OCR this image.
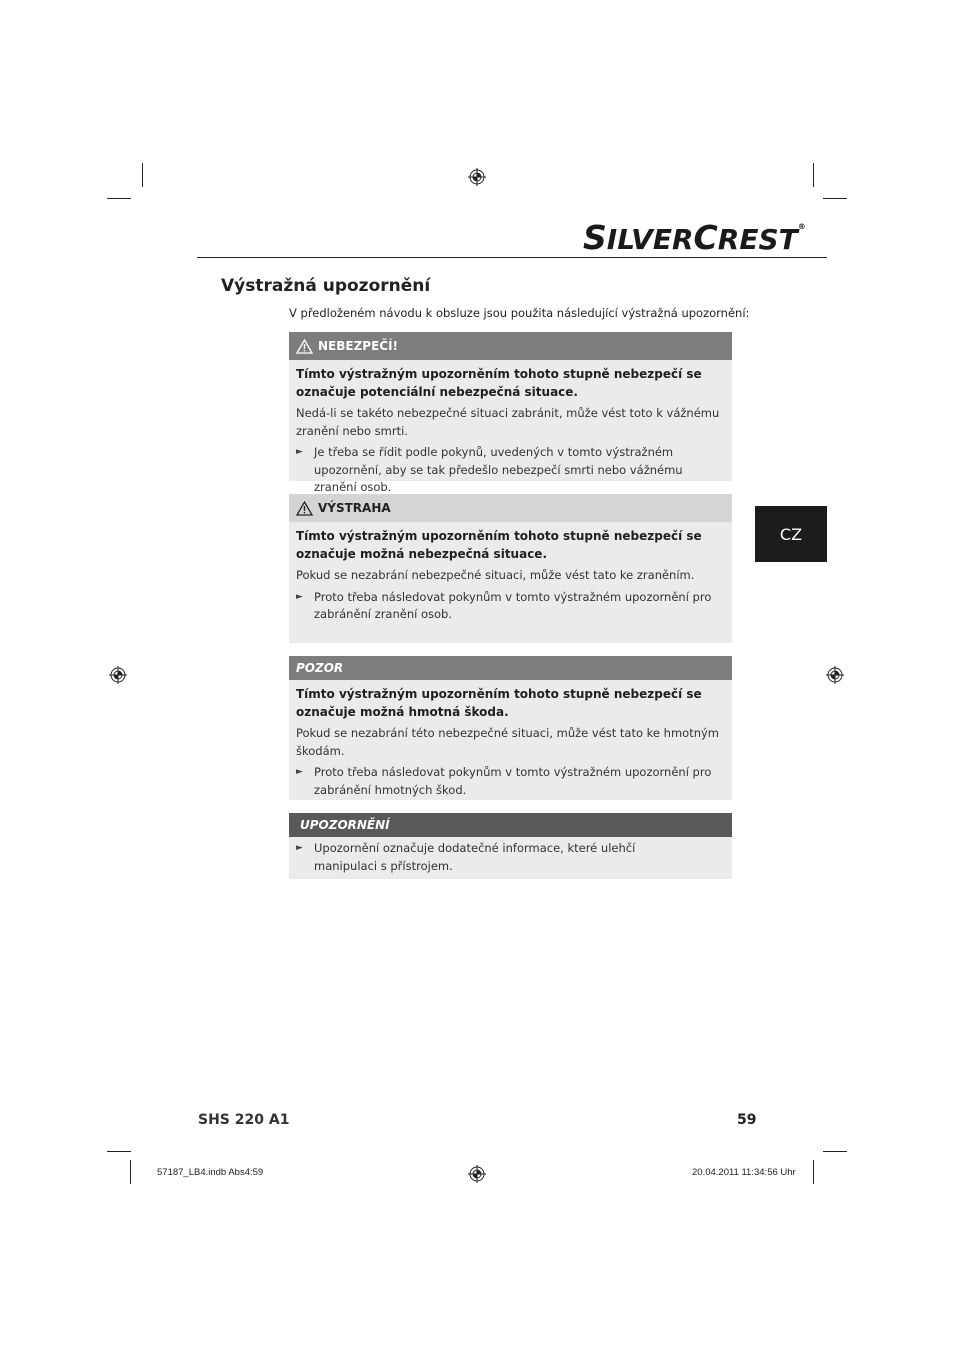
SILVERCREST®
Výstražná upozornění
V předloženém návodu k obsluze jsou použita následující výstražná upozornění:
NEBEZPEČÍ!
Tímto výstražným upozorněním tohoto stupně nebezpečí se označuje potenciální nebezpečná situace.
Nedá-li se takéto nebezpečné situaci zabránit, může vést toto k vážnému zranění nebo smrti.
► Je třeba se řídit podle pokynů, uvedených v tomto výstražném upozornění, aby se tak předešlo nebezpečí smrti nebo vážnému zranění osob.
VÝSTRAHA
Tímto výstražným upozorněním tohoto stupně nebezpečí se označuje možná nebezpečná situace.
Pokud se nezabrání nebezpečné situaci, může vést tato ke zraněním.
► Proto třeba následovat pokynům v tomto výstražném upozornění pro zabránění zranění osob.
POZOR
Tímto výstražným upozorněním tohoto stupně nebezpečí se označuje možná hmotná škoda.
Pokud se nezabrání této nebezpečné situaci, může vést tato ke hmotným škodám.
► Proto třeba následovat pokynům v tomto výstražném upozornění pro zabránění hmotných škod.
UPOZORNĚNÍ
► Upozornění označuje dodatečné informace, které ulehčí manipulaci s přístrojem.
CZ
SHS 220 A1	59
57187_LB4.indb Abs4:59	20.04.2011 11:34:56 Uhr
